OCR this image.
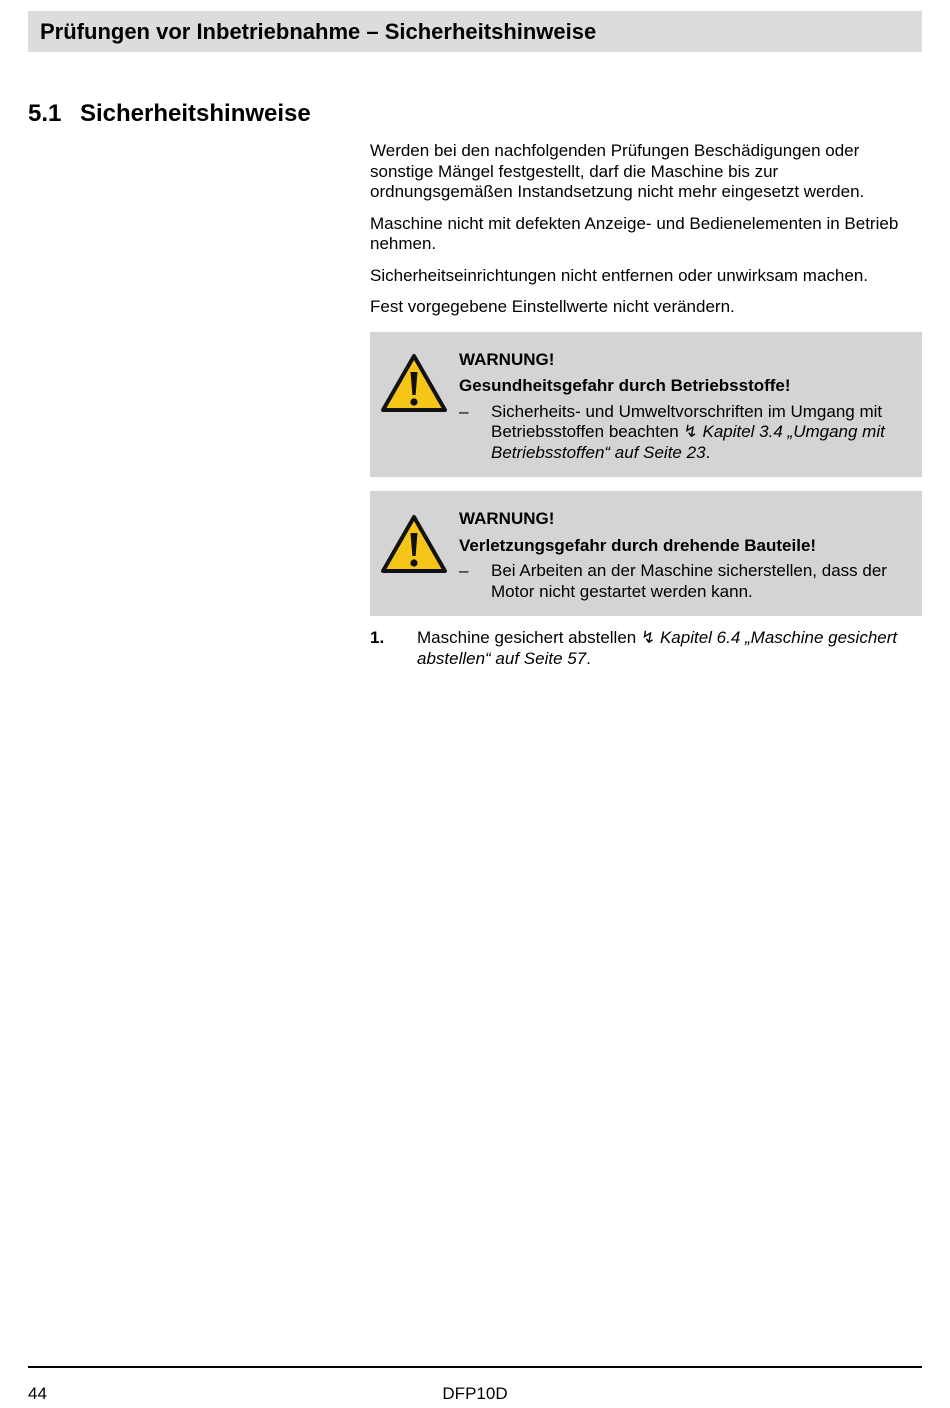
Prüfungen vor Inbetriebnahme – Sicherheitshinweise
5.1 Sicherheitshinweise

Werden bei den nachfolgenden Prüfungen Beschädigungen oder sonstige Mängel festgestellt, darf die Maschine bis zur ordnungsgemäßen Instandsetzung nicht mehr eingesetzt werden.

Maschine nicht mit defekten Anzeige- und Bedienelementen in Betrieb nehmen.

Sicherheitseinrichtungen nicht entfernen oder unwirksam machen.

Fest vorgegebene Einstellwerte nicht verändern.

WARNUNG!
Gesundheitsgefahr durch Betriebsstoffe!
–	Sicherheits- und Umweltvorschriften im Umgang mit Betriebsstoffen beachten ↯ Kapitel 3.4 „Umgang mit Betriebsstoffen“ auf Seite 23.
WARNUNG!
Verletzungsgefahr durch drehende Bauteile!
–	Bei Arbeiten an der Maschine sicherstellen, dass der Motor nicht gestartet werden kann.
1.	Maschine gesichert abstellen ↯ Kapitel 6.4 „Maschine gesichert abstellen“ auf Seite 57.
44	DFP10D
